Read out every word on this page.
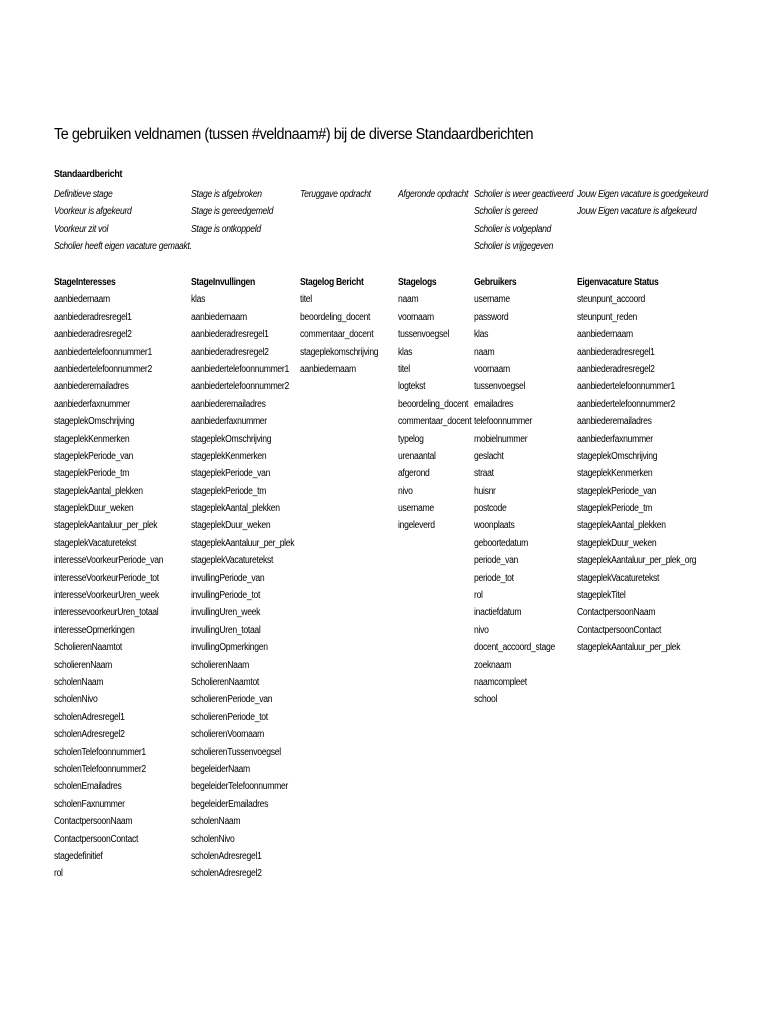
Te gebruiken veldnamen (tussen #veldnaam#) bij de diverse Standaardberichten
Standaardbericht
Definitieve stage
Voorkeur is afgekeurd
Voorkeur zit vol
Scholier heeft eigen vacature gemaakt.
Stage is afgebroken
Stage is gereedgemeld
Stage is ontkoppeld
Teruggave opdracht	Afgeronde opdracht Scholier is weer geactiveerd
Scholier is gereed
Scholier is volgepland
Scholier is vrijgegeven
Jouw Eigen vacature is goedgekeurd
Jouw Eigen vacature is afgekeurd
StageInteresses
aanbiedernaam
aanbiederadresregel1
aanbiederadresregel2
aanbiedertelefoonnummer1
aanbiedertelefoonnummer2
aanbiederemailadres
aanbiederfaxnummer
stageplekOmschrijving
stageplekKenmerken
stageplekPeriode_van
stageplekPeriode_tm
stageplekAantal_plekken
stageplekDuur_weken
stageplekAantaluur_per_plek
stageplekVacaturetekst
interesseVoorkeurPeriode_van
interesseVoorkeurPeriode_tot
interesseVoorkeurUren_week
interessevoorkeurUren_totaal
interesseOpmerkingen
ScholierenNaamtot
scholierenNaam
scholenNaam
scholenNivo
scholenAdresregel1
scholenAdresregel2
scholenTelefoonnummer1
scholenTelefoonnummer2
scholenEmailadres
scholenFaxnummer
ContactpersoonNaam
ContactpersoonContact
stagedefinitief
rol
StageInvullingen
klas
aanbiedernaam
aanbiederadresregel1
aanbiederadresregel2
aanbiedertelefoonnummer1
aanbiedertelefoonnummer2
aanbiederemailadres
aanbiederfaxnummer
stageplekOmschrijving
stageplekKenmerken
stageplekPeriode_van
stageplekPeriode_tm
stageplekAantal_plekken
stageplekDuur_weken
stageplekAantaluur_per_plek
stageplekVacaturetekst
invullingPeriode_van
invullingPeriode_tot
invullingUren_week
invullingUren_totaal
invullingOpmerkingen
scholierenNaam
ScholierenNaamtot
scholierenPeriode_van
scholierenPeriode_tot
scholierenVoornaam
scholierenTussenvoegsel
begeleiderNaam
begeleiderTelefoonnummer
begeleiderEmailadres
scholenNaam
scholenNivo
scholenAdresregel1
scholenAdresregel2
Stagelog Bericht
titel
beoordeling_docent
commentaar_docent
stageplekomschrijving
aanbiedernaam
Stagelogs
naam
voornaam
tussenvoegsel
klas
titel
logtekst
beoordeling_docent
commentaar_docent
typelog
urenaantal
afgerond
nivo
username
ingeleverd
Gebruikers
username
password
klas
naam
voornaam
tussenvoegsel
emailadres
telefoonnummer
mobielnummer
geslacht
straat
huisnr
postcode
woonplaats
geboortedatum
periode_van
periode_tot
rol
inactiefdatum
nivo
docent_accoord_stage
zoeknaam
naamcompleet
school
Eigenvacature Status
steunpunt_accoord
steunpunt_reden
aanbiedernaam
aanbiederadresregel1
aanbiederadresregel2
aanbiedertelefoonnummer1
aanbiedertelefoonnummer2
aanbiederemailadres
aanbiederfaxnummer
stageplekOmschrijving
stageplekKenmerken
stageplekPeriode_van
stageplekPeriode_tm
stageplekAantal_plekken
stageplekDuur_weken
stageplekAantaluur_per_plek_org
stageplekVacaturetekst
stageplekTitel
ContactpersoonNaam
ContactpersoonContact
stageplekAantaluur_per_plek
